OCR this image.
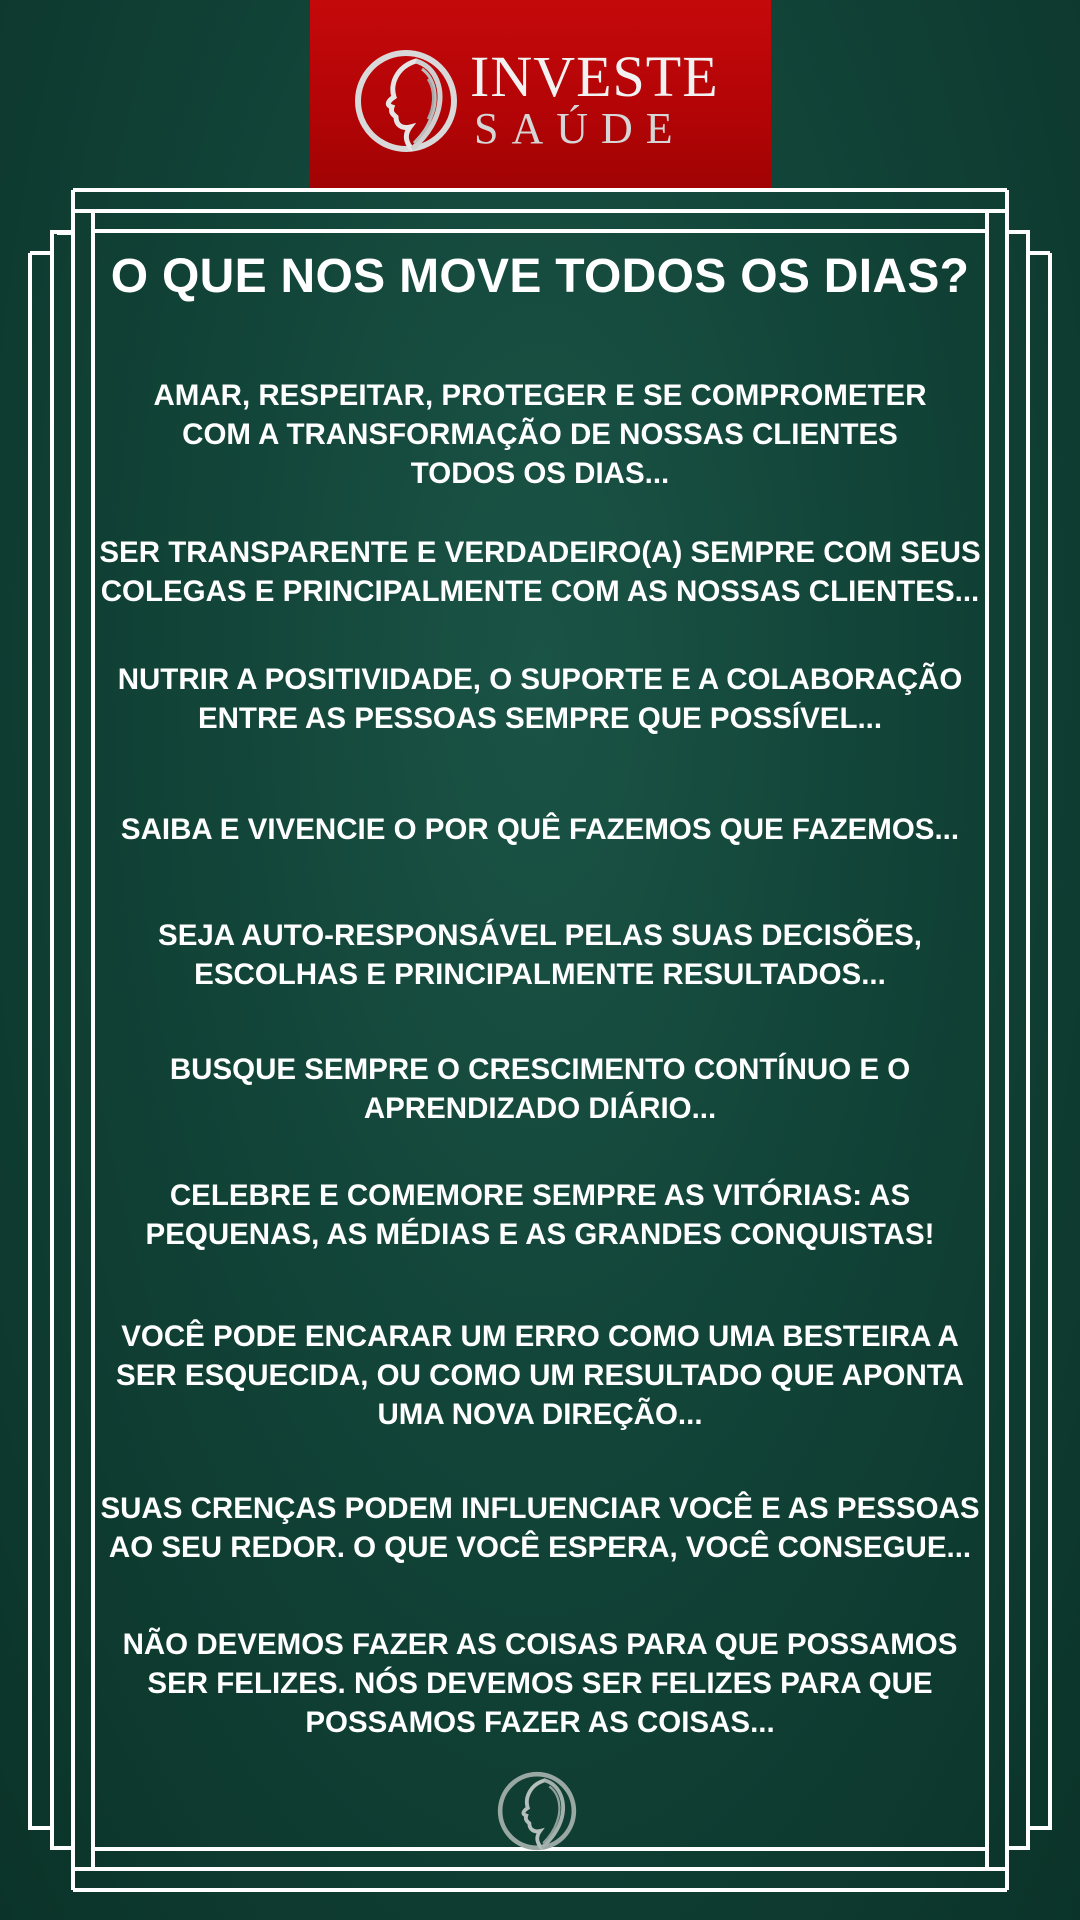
INVESTE
SAÚDE
O QUE NOS MOVE TODOS OS DIAS?
AMAR, RESPEITAR, PROTEGER E SE COMPROMETER
COM A TRANSFORMAÇÃO DE NOSSAS CLIENTES
TODOS OS DIAS...
SER TRANSPARENTE E VERDADEIRO(A) SEMPRE COM SEUS
COLEGAS E PRINCIPALMENTE COM AS NOSSAS CLIENTES...
NUTRIR A POSITIVIDADE, O SUPORTE E A COLABORAÇÃO
ENTRE AS PESSOAS SEMPRE QUE POSSÍVEL...
SAIBA E VIVENCIE O POR QUÊ FAZEMOS QUE FAZEMOS...
SEJA AUTO-RESPONSÁVEL PELAS SUAS DECISÕES,
ESCOLHAS E PRINCIPALMENTE RESULTADOS...
BUSQUE SEMPRE O CRESCIMENTO CONTÍNUO E O
APRENDIZADO DIÁRIO...
CELEBRE E COMEMORE SEMPRE AS VITÓRIAS: AS
PEQUENAS, AS MÉDIAS E AS GRANDES CONQUISTAS!
VOCÊ PODE ENCARAR UM ERRO COMO UMA BESTEIRA A
SER ESQUECIDA, OU COMO UM RESULTADO QUE APONTA
UMA NOVA DIREÇÃO...
SUAS CRENÇAS PODEM INFLUENCIAR VOCÊ E AS PESSOAS
AO SEU REDOR. O QUE VOCÊ ESPERA, VOCÊ CONSEGUE...
NÃO DEVEMOS FAZER AS COISAS PARA QUE POSSAMOS
SER FELIZES. NÓS DEVEMOS SER FELIZES PARA QUE
POSSAMOS FAZER AS COISAS...
